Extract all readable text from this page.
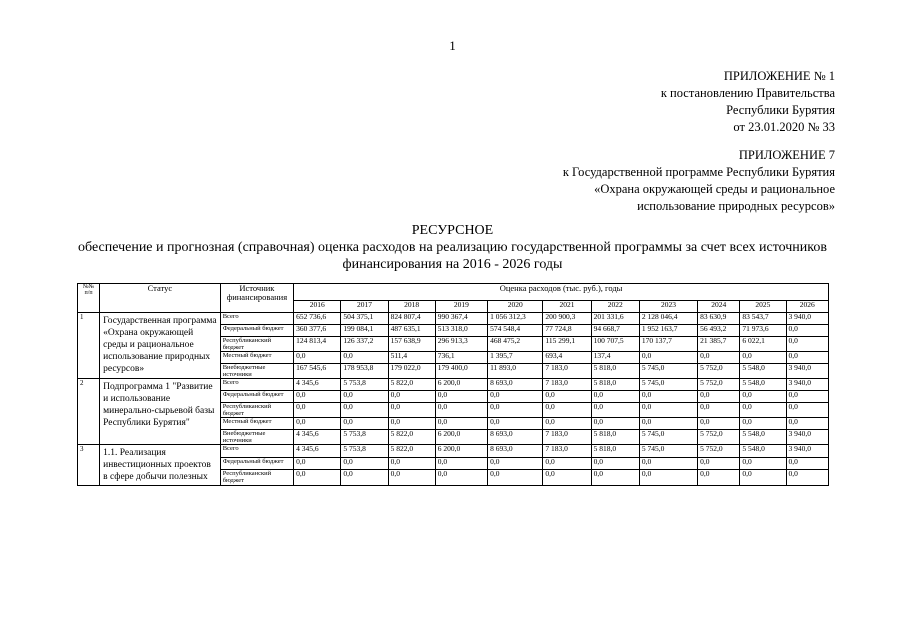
1
ПРИЛОЖЕНИЕ № 1
к постановлению Правительства
Республики Бурятия
от 23.01.2020 № 33
ПРИЛОЖЕНИЕ 7
к Государственной программе Республики Бурятия
«Охрана окружающей среды и рациональное
использование природных ресурсов»
РЕСУРСНОЕ
обеспечение и прогнозная (справочная) оценка расходов на реализацию государственной программы за счет всех источников финансирования на 2016 - 2026 годы
№№ п/п	Статус	Источник финансирования	Оценка расходов (тыс. руб.), годы										
			2016	2017	2018	2019	2020	2021	2022	2023	2024	2025	2026
1	Государственная программа «Охрана окружающей среды и рациональное использование природных ресурсов»	Всего	652 736,6	504 375,1	824 807,4	990 367,4	1 056 312,3	200 900,3	201 331,6	2 128 046,4	83 630,9	83 543,7	3 940,0
		Федеральный бюджет	360 377,6	199 084,1	487 635,1	513 318,0	574 548,4	77 724,8	94 668,7	1 952 163,7	56 493,2	71 973,6	0,0
		Республиканский бюджет	124 813,4	126 337,2	157 638,9	296 913,3	468 475,2	115 299,1	100 707,5	170 137,7	21 385,7	6 022,1	0,0
		Местный бюджет	0,0	0,0	511,4	736,1	1 395,7	693,4	137,4	0,0	0,0	0,0	0,0
		Внебюджетные источники	167 545,6	178 953,8	179 022,0	179 400,0	11 893,0	7 183,0	5 818,0	5 745,0	5 752,0	5 548,0	3 940,0
2	Подпрограмма 1 "Развитие и использование минерально-сырьевой базы Республики Бурятия"	Всего	4 345,6	5 753,8	5 822,0	6 200,0	8 693,0	7 183,0	5 818,0	5 745,0	5 752,0	5 548,0	3 940,0
		Федеральный бюджет	0,0	0,0	0,0	0,0	0,0	0,0	0,0	0,0	0,0	0,0	0,0
		Республиканский бюджет	0,0	0,0	0,0	0,0	0,0	0,0	0,0	0,0	0,0	0,0	0,0
		Местный бюджет	0,0	0,0	0,0	0,0	0,0	0,0	0,0	0,0	0,0	0,0	0,0
		Внебюджетные источники	4 345,6	5 753,8	5 822,0	6 200,0	8 693,0	7 183,0	5 818,0	5 745,0	5 752,0	5 548,0	3 940,0
3	1.1. Реализация инвестиционных проектов в сфере добычи полезных	Всего	4 345,6	5 753,8	5 822,0	6 200,0	8 693,0	7 183,0	5 818,0	5 745,0	5 752,0	5 548,0	3 940,0
		Федеральный бюджет	0,0	0,0	0,0	0,0	0,0	0,0	0,0	0,0	0,0	0,0	0,0
		Республиканский бюджет	0,0	0,0	0,0	0,0	0,0	0,0	0,0	0,0	0,0	0,0	0,0
